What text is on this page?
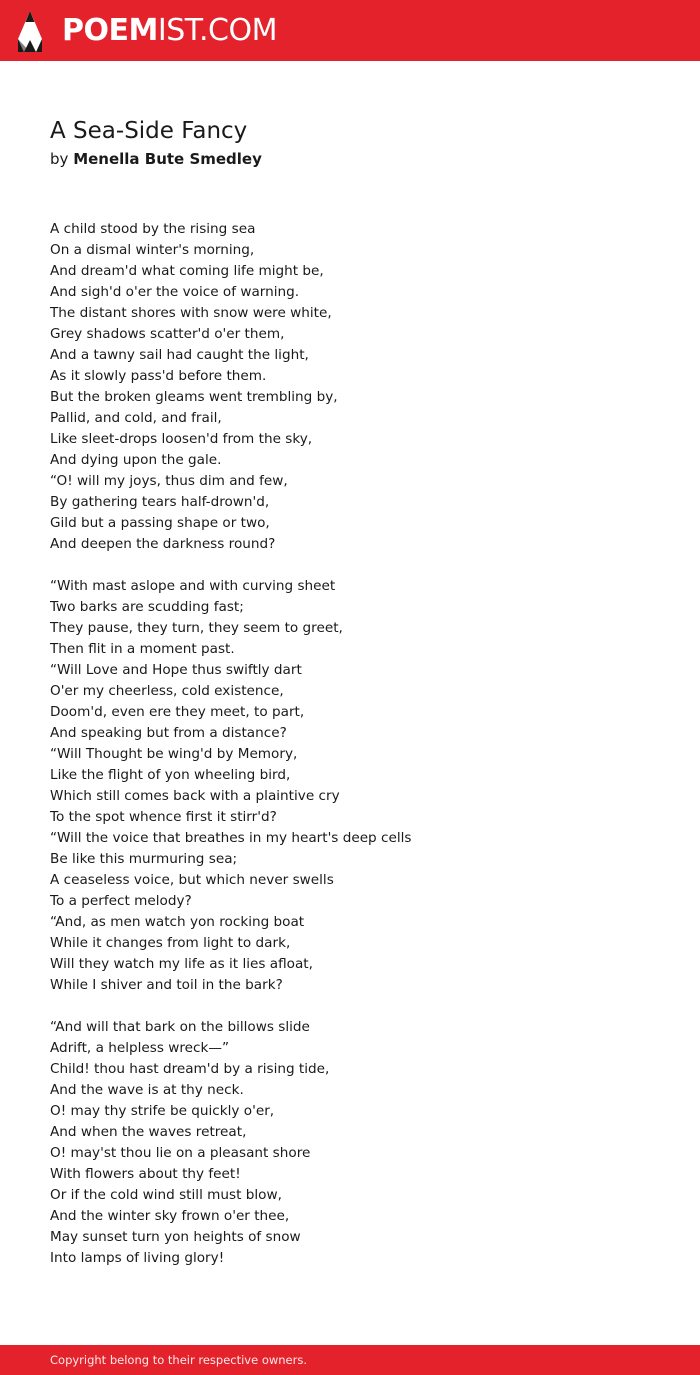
POEMIST.COM
A Sea-Side Fancy
by Menella Bute Smedley
A child stood by the rising sea
On a dismal winter's morning,
And dream'd what coming life might be,
And sigh'd o'er the voice of warning.
The distant shores with snow were white,
Grey shadows scatter'd o'er them,
And a tawny sail had caught the light,
As it slowly pass'd before them.
But the broken gleams went trembling by,
Pallid, and cold, and frail,
Like sleet-drops loosen'd from the sky,
And dying upon the gale.
“O! will my joys, thus dim and few,
By gathering tears half-drown'd,
Gild but a passing shape or two,
And deepen the darkness round?
“With mast aslope and with curving sheet
Two barks are scudding fast;
They pause, they turn, they seem to greet,
Then flit in a moment past.
“Will Love and Hope thus swiftly dart
O'er my cheerless, cold existence,
Doom'd, even ere they meet, to part,
And speaking but from a distance?
“Will Thought be wing'd by Memory,
Like the flight of yon wheeling bird,
Which still comes back with a plaintive cry
To the spot whence first it stirr'd?
“Will the voice that breathes in my heart's deep cells
Be like this murmuring sea;
A ceaseless voice, but which never swells
To a perfect melody?
“And, as men watch yon rocking boat
While it changes from light to dark,
Will they watch my life as it lies afloat,
While I shiver and toil in the bark?
“And will that bark on the billows slide
Adrift, a helpless wreck—”
Child! thou hast dream'd by a rising tide,
And the wave is at thy neck.
O! may thy strife be quickly o'er,
And when the waves retreat,
O! may'st thou lie on a pleasant shore
With flowers about thy feet!
Or if the cold wind still must blow,
And the winter sky frown o'er thee,
May sunset turn yon heights of snow
Into lamps of living glory!
Copyright belong to their respective owners.
